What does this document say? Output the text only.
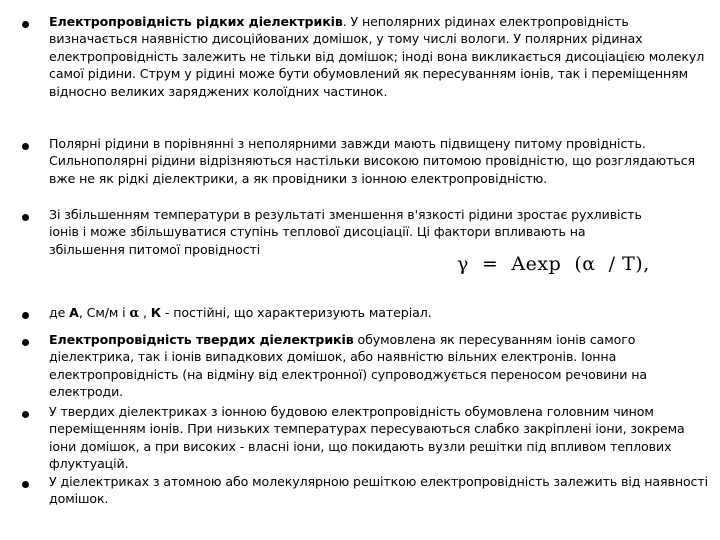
Електропровідність рідких діелектриків. У неполярних рідинах електропровідність визначається наявністю дисоційованих домішок, у тому числі вологи. У полярних рідинах електропровідність залежить не тільки від домішок; іноді вона викликається дисоціацією молекул самої рідини. Струм у рідині може бути обумовлений як пересуванням іонів, так і переміщенням відносно великих заряджених колоїдних частинок.

Полярні рідини в порівнянні з неполярними завжди мають підвищену питому провідність. Сильнополярні рідини відрізняються настільки високою питомою провідністю, що розглядаються вже не як рідкі діелектрики, а як провідники з іонною електропровідністю.

Зі збільшенням температури в результаті зменшення в'язкості рідини зростає рухливість іонів і може збільшуватися ступінь теплової дисоціації. Ці фактори впливають на збільшення питомої провідності

γ  =  Aexp  (α  / T),

де А, См/м і α , К - постійні, що характеризують матеріал.

Електропровідність твердих діелектриків обумовлена як пересуванням іонів самого діелектрика, так і іонів випадкових домішок, або наявністю вільних електронів. Іонна електропровідність (на відміну від електронної) супроводжується переносом речовини на електроди.

У твердих діелектриках з іонною будовою електропровідність обумовлена головним чином переміщенням іонів. При низьких температурах пересуваються слабко закріплені іони, зокрема іони домішок, а при високих - власні іони, що покидають вузли решітки під впливом теплових флуктуацій.

У діелектриках з атомною або молекулярною решіткою електропровідність залежить від наявності домішок.
